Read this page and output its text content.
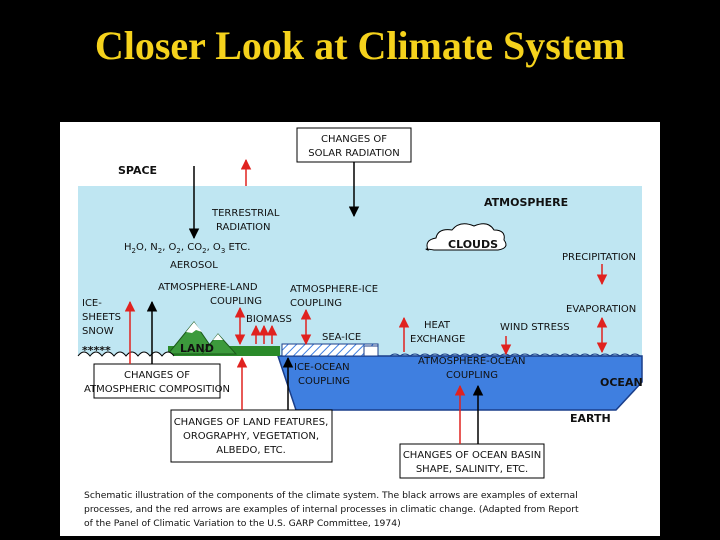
Closer Look at Climate System
CHANGES OF
SOLAR RADIATION
SPACE
ATMOSPHERE
TERRESTRIAL
RADIATION
$H_2O$, $N_2$, $O_2$, $CO_2$, $O_3$ ETC.
AEROSOL
CLOUDS
PRECIPITATION
ATMOSPHERE-LAND
COUPLING
ATMOSPHERE-ICE
COUPLING
ICE-
SHEETS
SNOW
*****
BIOMASS
LAND
SEA-ICE
HEAT
EXCHANGE
WIND STRESS
EVAPORATION
ICE-OCEAN
COUPLING
ATMOSPHERE-OCEAN
COUPLING
OCEAN
EARTH
CHANGES OF
ATMOSPHERIC COMPOSITION
CHANGES OF LAND FEATURES,
OROGRAPHY, VEGETATION,
ALBEDO, ETC.	CHANGES OF OCEAN BASIN
SHAPE, SALINITY, ETC.
Schematic illustration of the components of the climate system. The black arrows are examples of external
processes, and the red arrows are examples of internal processes in climatic change. (Adapted from Report
of the Panel of Climatic Variation to the U.S. GARP Committee, 1974)
